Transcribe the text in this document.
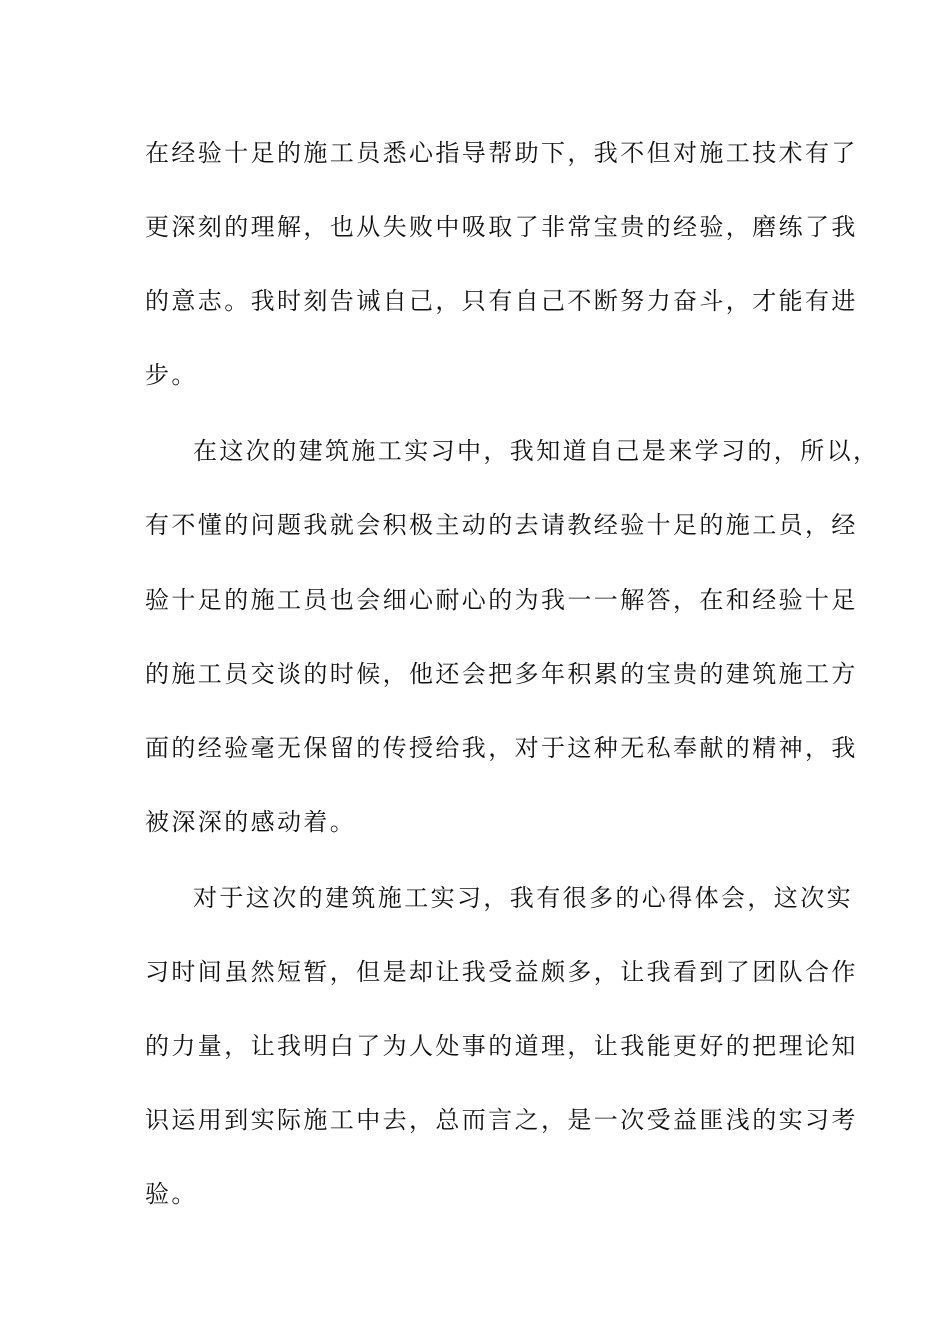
在经验十足的施工员悉心指导帮助下，我不但对施工技术有了
更深刻的理解，也从失败中吸取了非常宝贵的经验，磨练了我
的意志。我时刻告诫自己，只有自己不断努力奋斗，才能有进
步。
在这次的建筑施工实习中，我知道自己是来学习的，所以，
有不懂的问题我就会积极主动的去请教经验十足的施工员，经
验十足的施工员也会细心耐心的为我一一解答，在和经验十足
的施工员交谈的时候，他还会把多年积累的宝贵的建筑施工方
面的经验毫无保留的传授给我，对于这种无私奉献的精神，我
被深深的感动着。
对于这次的建筑施工实习，我有很多的心得体会，这次实
习时间虽然短暂，但是却让我受益颇多，让我看到了团队合作
的力量，让我明白了为人处事的道理，让我能更好的把理论知
识运用到实际施工中去，总而言之，是一次受益匪浅的实习考
验。
